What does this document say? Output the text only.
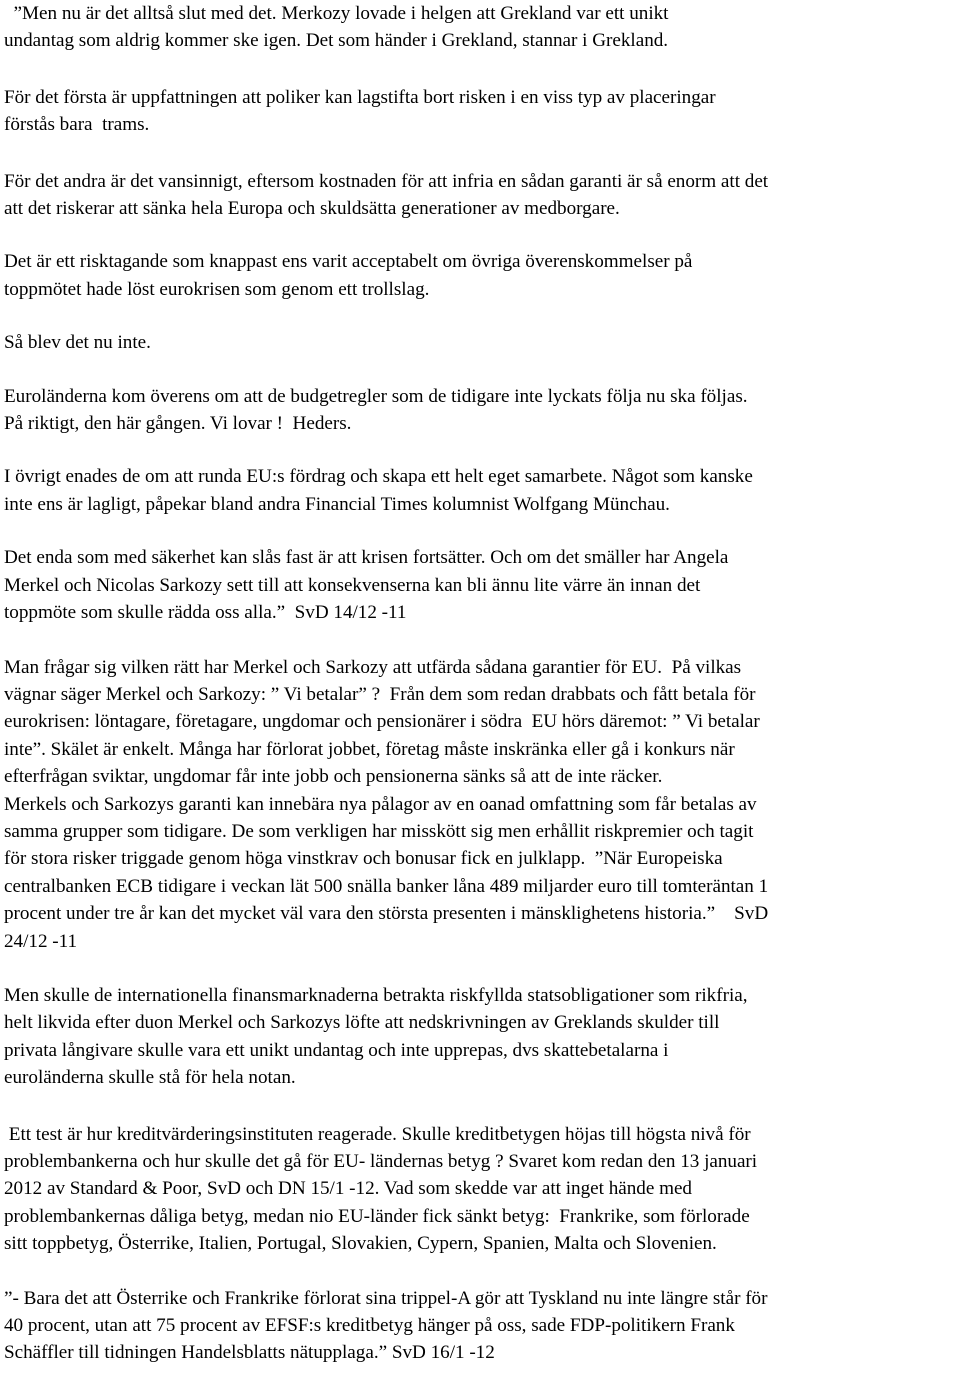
”Men nu är det alltså slut med det. Merkozy lovade i helgen att Grekland var ett unikt
undantag som aldrig kommer ske igen. Det som händer i Grekland, stannar i Grekland.

För det första är uppfattningen att poliker kan lagstifta bort risken i en viss typ av placeringar
förstås bara  trams.

För det andra är det vansinnigt, eftersom kostnaden för att infria en sådan garanti är så enorm att det
att det riskerar att sänka hela Europa och skuldsätta generationer av medborgare.

Det är ett risktagande som knappast ens varit acceptabelt om övriga överenskommelser på
toppmötet hade löst eurokrisen som genom ett trollslag.

Så blev det nu inte.

Euroländerna kom överens om att de budgetregler som de tidigare inte lyckats följa nu ska följas.
På riktigt, den här gången. Vi lovar !  Heders.

I övrigt enades de om att runda EU:s fördrag och skapa ett helt eget samarbete. Något som kanske
inte ens är lagligt, påpekar bland andra Financial Times kolumnist Wolfgang Münchau.

Det enda som med säkerhet kan slås fast är att krisen fortsätter. Och om det smäller har Angela
Merkel och Nicolas Sarkozy sett till att konsekvenserna kan bli ännu lite värre än innan det
toppmöte som skulle rädda oss alla.”  SvD 14/12 -11

Man frågar sig vilken rätt har Merkel och Sarkozy att utfärda sådana garantier för EU.  På vilkas
vägnar säger Merkel och Sarkozy: ” Vi betalar” ?  Från dem som redan drabbats och fått betala för
eurokrisen: löntagare, företagare, ungdomar och pensionärer i södra  EU hörs däremot: ” Vi betalar
inte”. Skälet är enkelt. Många har förlorat jobbet, företag måste inskränka eller gå i konkurs när
efterfrågan sviktar, ungdomar får inte jobb och pensionerna sänks så att de inte räcker.
Merkels och Sarkozys garanti kan innebära nya pålagor av en oanad omfattning som får betalas av
samma grupper som tidigare. De som verkligen har misskött sig men erhållit riskpremier och tagit
för stora risker triggade genom höga vinstkrav och bonusar fick en julklapp.  ”När Europeiska
centralbanken ECB tidigare i veckan lät 500 snälla banker låna 489 miljarder euro till tomteräntan 1
procent under tre år kan det mycket väl vara den största presenten i mänsklighetens historia.”    SvD
24/12 -11

Men skulle de internationella finansmarknaderna betrakta riskfyllda statsobligationer som rikfria,
helt likvida efter duon Merkel och Sarkozys löfte att nedskrivningen av Greklands skulder till
privata långivare skulle vara ett unikt undantag och inte upprepas, dvs skattebetalarna i
euroländerna skulle stå för hela notan.

Ett test är hur kreditvärderingsinstituten reagerade. Skulle kreditbetygen höjas till högsta nivå för
problembankerna och hur skulle det gå för EU- ländernas betyg ? Svaret kom redan den 13 januari
2012 av Standard & Poor, SvD och DN 15/1 -12. Vad som skedde var att inget hände med
problembankernas dåliga betyg, medan nio EU-länder fick sänkt betyg:  Frankrike, som förlorade
sitt toppbetyg, Österrike, Italien, Portugal, Slovakien, Cypern, Spanien, Malta och Slovenien.

”- Bara det att Österrike och Frankrike förlorat sina trippel-A gör att Tyskland nu inte längre står för
40 procent, utan att 75 procent av EFSF:s kreditbetyg hänger på oss, sade FDP-politikern Frank
Schäffler till tidningen Handelsblatts nätupplaga.” SvD 16/1 -12
